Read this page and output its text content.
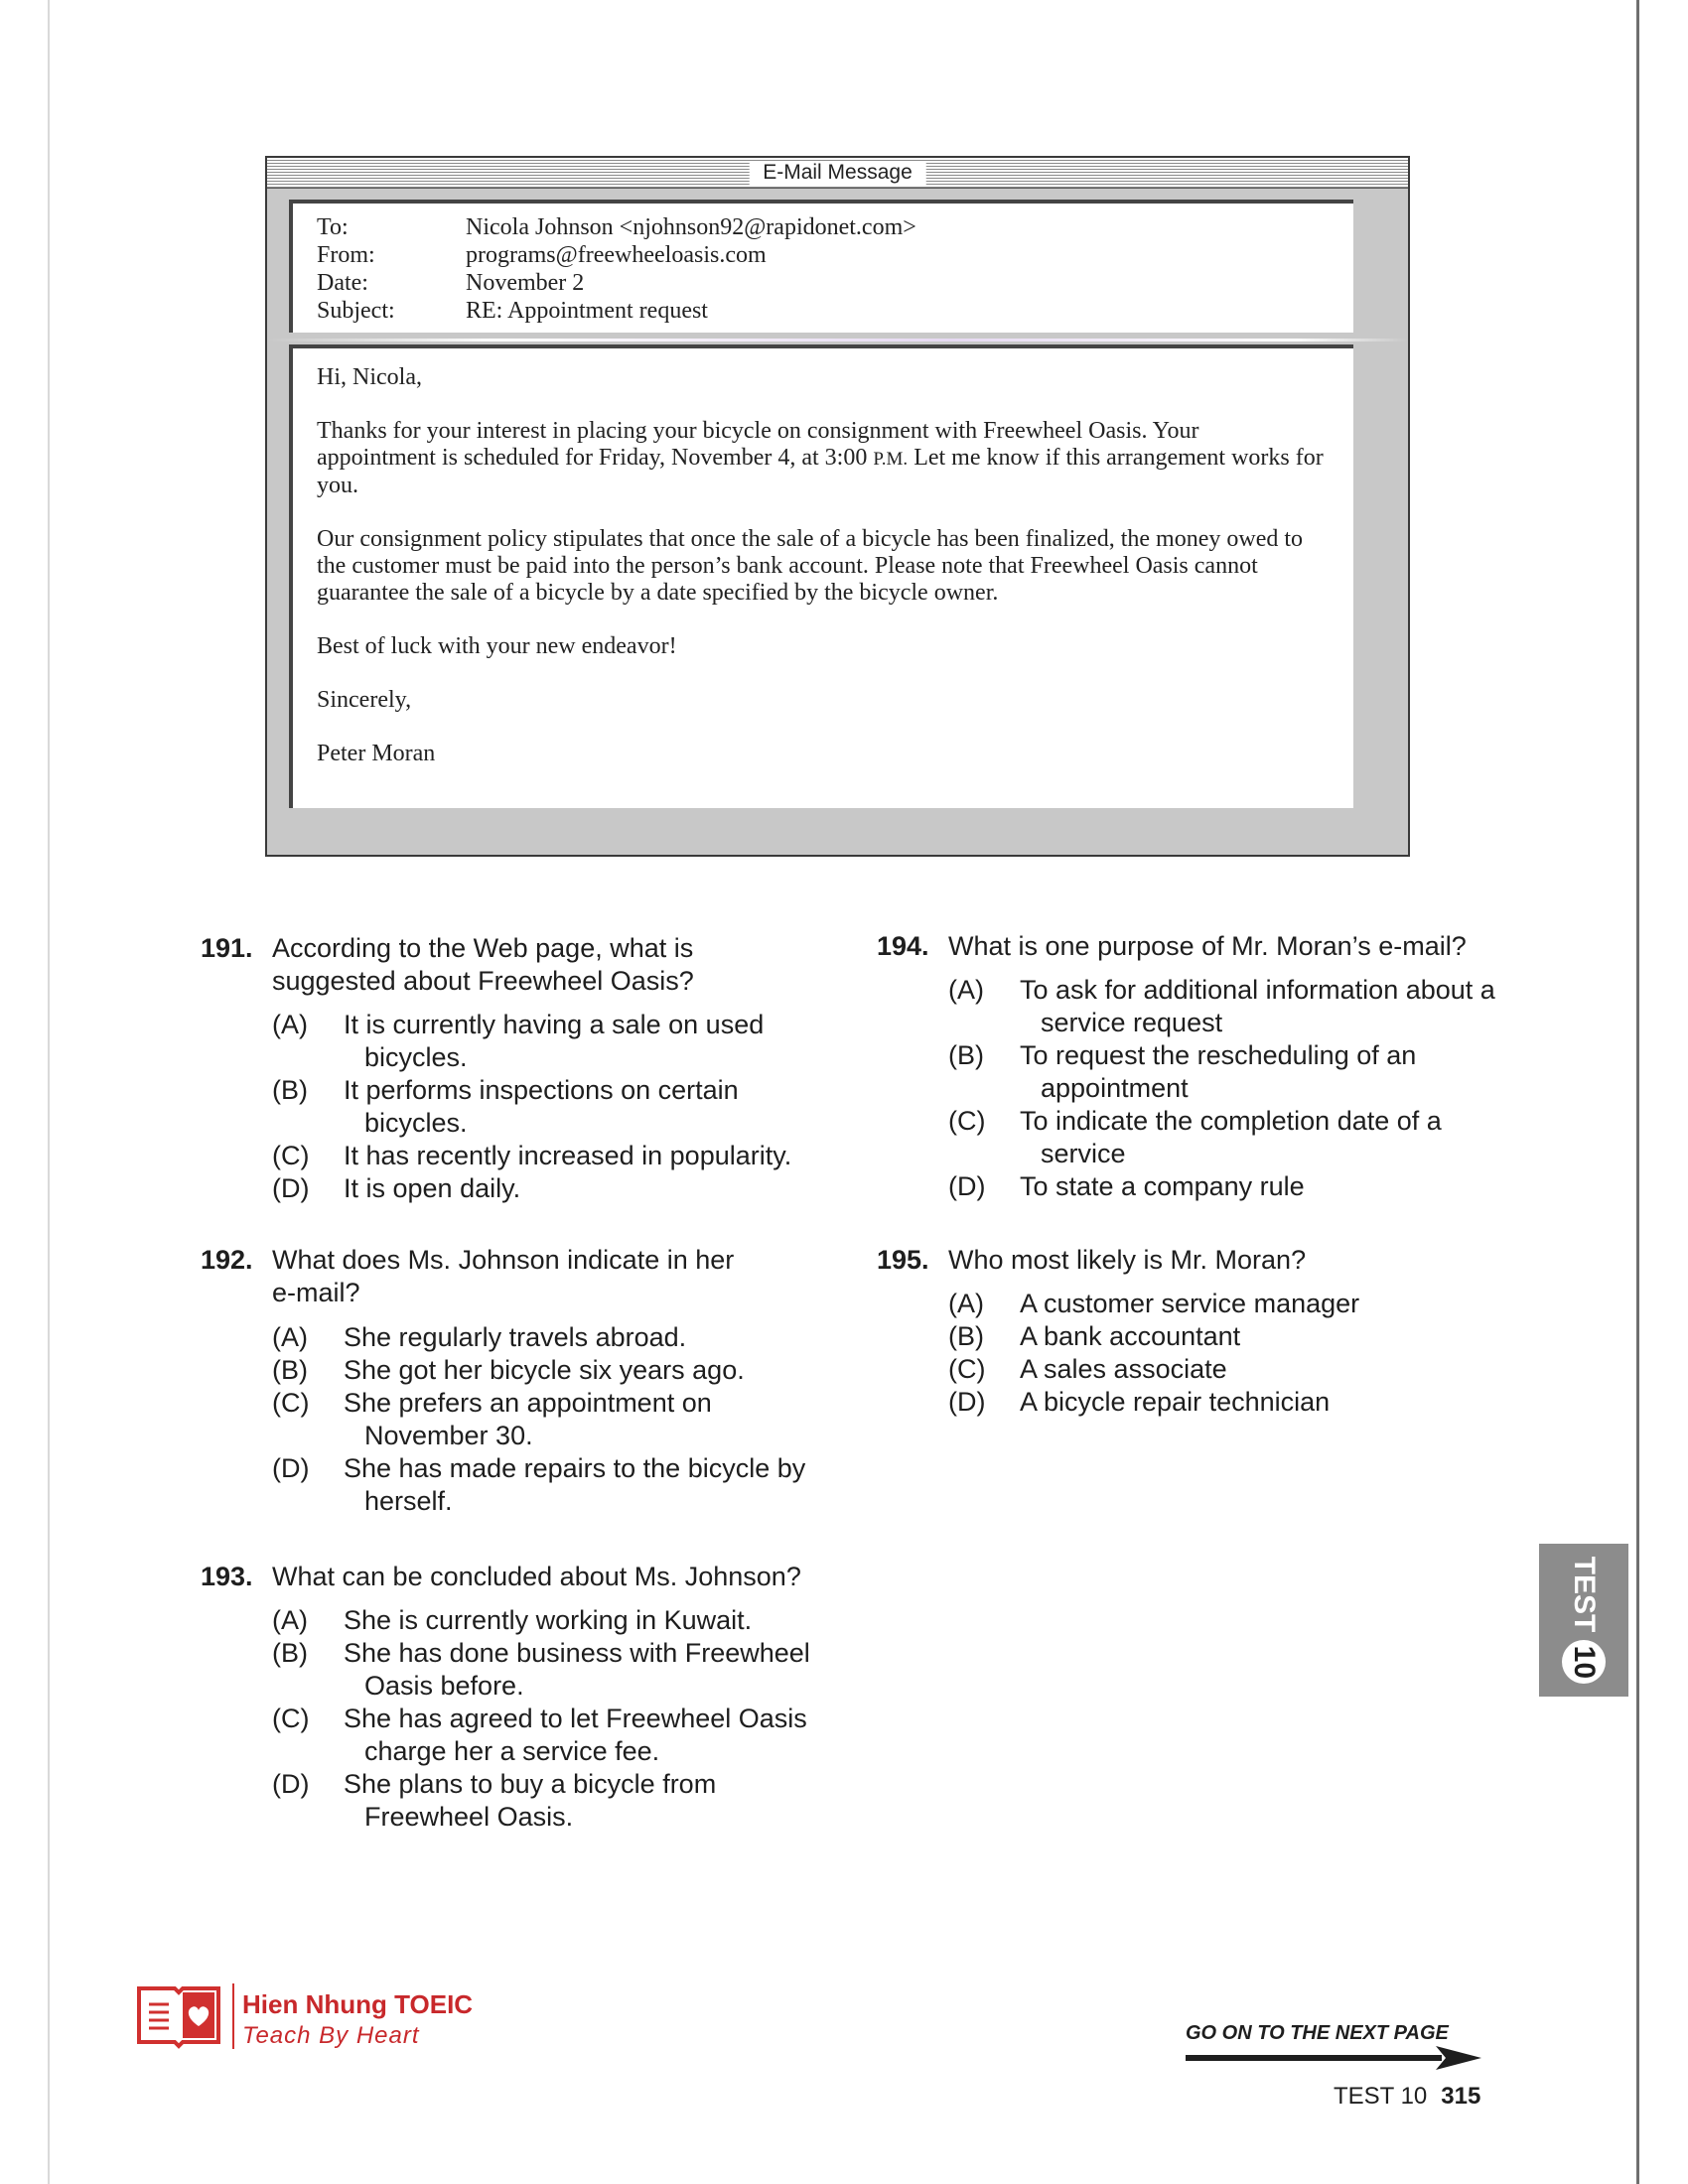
E-Mail Message
To:	Nicola Johnson <njohnson92@rapidonet.com>
From:	programs@freewheeloasis.com
Date:	November 2
Subject:	RE: Appointment request

Hi, Nicola,

Thanks for your interest in placing your bicycle on consignment with Freewheel Oasis. Your appointment is scheduled for Friday, November 4, at 3:00 P.M. Let me know if this arrangement works for you.

Our consignment policy stipulates that once the sale of a bicycle has been finalized, the money owed to the customer must be paid into the person’s bank account. Please note that Freewheel Oasis cannot guarantee the sale of a bicycle by a date specified by the bicycle owner.

Best of luck with your new endeavor!

Sincerely,

Peter Moran

191. According to the Web page, what is
suggested about Freewheel Oasis?
(A) It is currently having a sale on used
bicycles.
(B) It performs inspections on certain
bicycles.
(C) It has recently increased in popularity.
(D) It is open daily.
192. What does Ms. Johnson indicate in her
e-mail?
(A) She regularly travels abroad.
(B) She got her bicycle six years ago.
(C) She prefers an appointment on
November 30.
(D) She has made repairs to the bicycle by
herself.
193. What can be concluded about Ms. Johnson?
(A) She is currently working in Kuwait.
(B) She has done business with Freewheel
Oasis before.
(C) She has agreed to let Freewheel Oasis
charge her a service fee.
(D) She plans to buy a bicycle from
Freewheel Oasis.
194. What is one purpose of Mr. Moran’s e-mail?
(A) To ask for additional information about a
service request
(B) To request the rescheduling of an
appointment
(C) To indicate the completion date of a
service
(D) To state a company rule
195. Who most likely is Mr. Moran?
(A) A customer service manager
(B) A bank accountant
(C) A sales associate
(D) A bicycle repair technician
TEST
10
Hien Nhung TOEIC
Teach By Heart	GO ON TO THE NEXT PAGE
TEST 10 315
